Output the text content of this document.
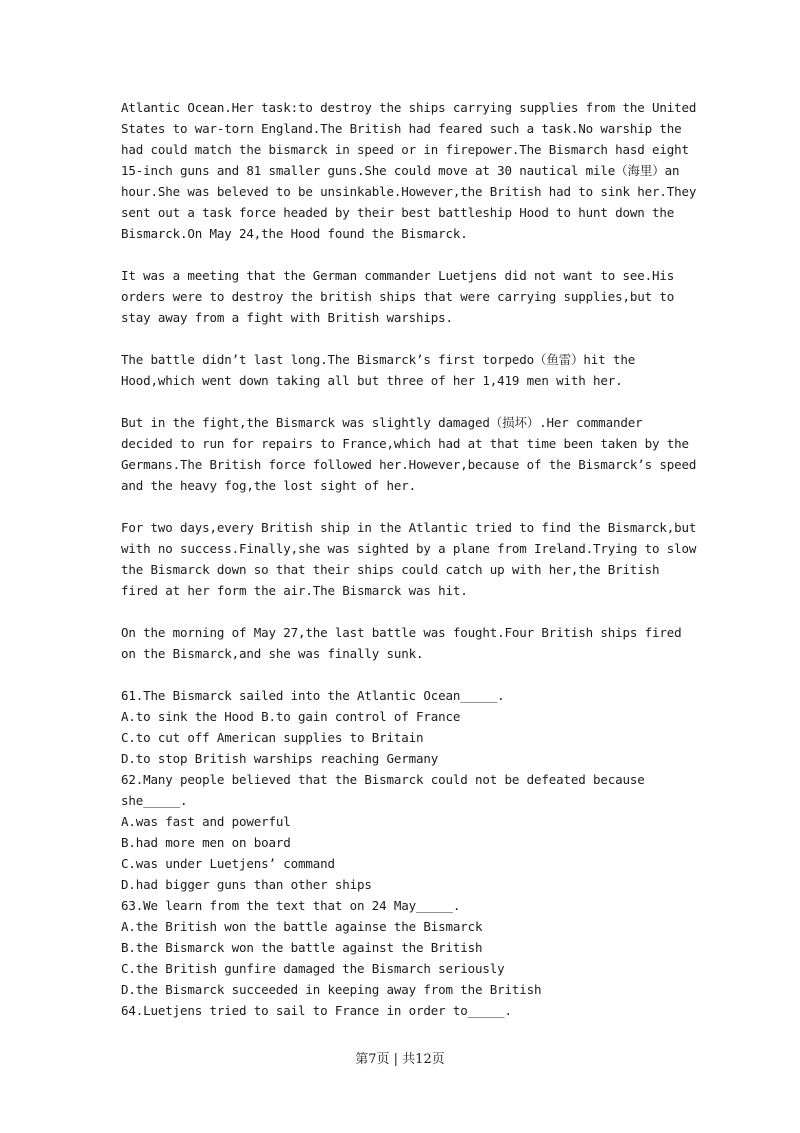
Atlantic Ocean.Her task:to destroy the ships carrying supplies from the United
States to war-torn England.The British had feared such a task.No warship the
had could match the bismarck in speed or in firepower.The Bismarch hasd eight
15-inch guns and 81 smaller guns.She could move at 30 nautical mile（海里）an
hour.She was beleved to be unsinkable.However,the British had to sink her.They
sent out a task force headed by their best battleship Hood to hunt down the
Bismarck.On May 24,the Hood found the Bismarck.
It was a meeting that the German commander Luetjens did not want to see.His
orders were to destroy the british ships that were carrying supplies,but to
stay away from a fight with British warships.
The battle didn’t last long.The Bismarck’s first torpedo（鱼雷）hit the
Hood,which went down taking all but three of her 1,419 men with her.
But in the fight,the Bismarck was slightly damaged（损坏）.Her commander
decided to run for repairs to France,which had at that time been taken by the
Germans.The British force followed her.However,because of the Bismarck’s speed
and the heavy fog,the lost sight of her.
For two days,every British ship in the Atlantic tried to find the Bismarck,but
with no success.Finally,she was sighted by a plane from Ireland.Trying to slow
the Bismarck down so that their ships could catch up with her,the British
fired at her form the air.The Bismarck was hit.
On the morning of May 27,the last battle was fought.Four British ships fired
on the Bismarck,and she was finally sunk.
61.The Bismarck sailed into the Atlantic Ocean_____.
A.to sink the Hood B.to gain control of France
C.to cut off American supplies to Britain
D.to stop British warships reaching Germany
62.Many people believed that the Bismarck could not be defeated because
she_____.
A.was fast and powerful
B.had more men on board
C.was under Luetjens’ command
D.had bigger guns than other ships
63.We learn from the text that on 24 May_____.
A.the British won the battle againse the Bismarck
B.the Bismarck won the battle against the British
C.the British gunfire damaged the Bismarch seriously
D.the Bismarck succeeded in keeping away from the British
64.Luetjens tried to sail to France in order to_____.
第7页 | 共12页
